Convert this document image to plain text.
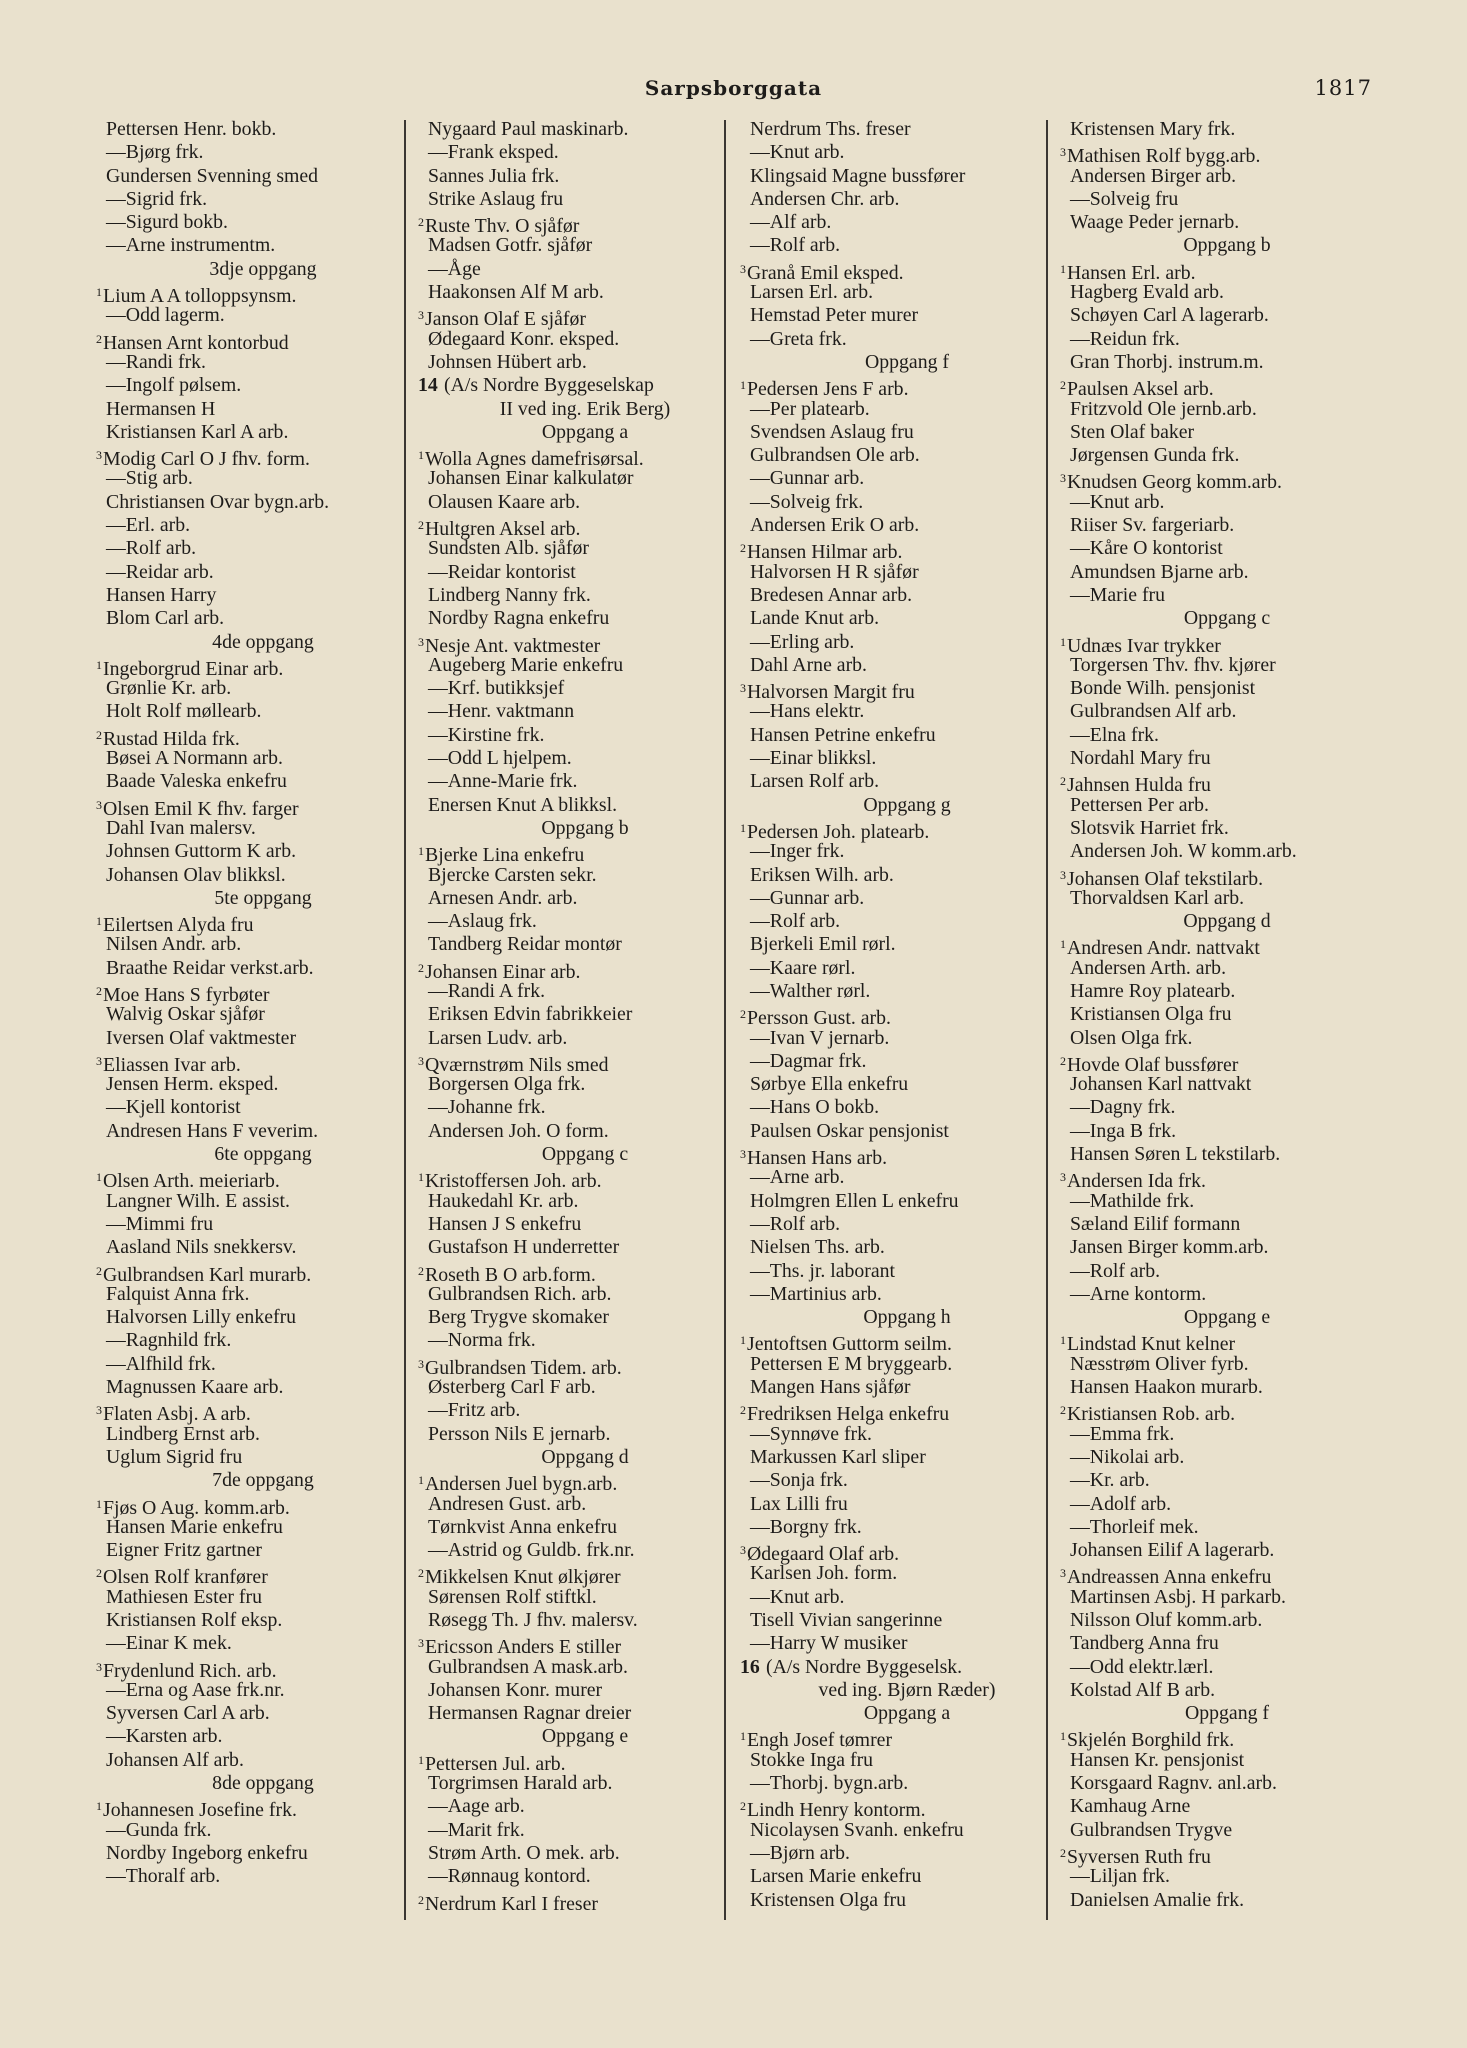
Sarpsborggata	1817
Pettersen Henr. bokb.
—Bjørg frk.
Gundersen Svenning smed
—Sigrid frk.
—Sigurd bokb.
—Arne instrumentm.
3dje oppgang
$^1$Lium A A tolloppsynsm.
—Odd lagerm.
$^2$Hansen Arnt kontorbud
—Randi frk.
—Ingolf pølsem.
Hermansen H
Kristiansen Karl A arb.
$^3$Modig Carl O J fhv. form.
—Stig arb.
Christiansen Ovar bygn.arb.
—Erl. arb.
—Rolf arb.
—Reidar arb.
Hansen Harry
Blom Carl arb.
4de oppgang
$^1$Ingeborgrud Einar arb.
Grønlie Kr. arb.
Holt Rolf møllearb.
$^2$Rustad Hilda frk.
Bøsei A Normann arb.
Baade Valeska enkefru
$^3$Olsen Emil K fhv. farger
Dahl Ivan malersv.
Johnsen Guttorm K arb.
Johansen Olav blikksl.
5te oppgang
$^1$Eilertsen Alyda fru
Nilsen Andr. arb.
Braathe Reidar verkst.arb.
$^2$Moe Hans S fyrbøter
Walvig Oskar sjåfør
Iversen Olaf vaktmester
$^3$Eliassen Ivar arb.
Jensen Herm. eksped.
—Kjell kontorist
Andresen Hans F veverim.
6te oppgang
$^1$Olsen Arth. meieriarb.
Langner Wilh. E assist.
—Mimmi fru
Aasland Nils snekkersv.
$^2$Gulbrandsen Karl murarb.
Falquist Anna frk.
Halvorsen Lilly enkefru
—Ragnhild frk.
—Alfhild frk.
Magnussen Kaare arb.
$^3$Flaten Asbj. A arb.
Lindberg Ernst arb.
Uglum Sigrid fru
7de oppgang
$^1$Fjøs O Aug. komm.arb.
Hansen Marie enkefru
Eigner Fritz gartner
$^2$Olsen Rolf kranfører
Mathiesen Ester fru
Kristiansen Rolf eksp.
—Einar K mek.
$^3$Frydenlund Rich. arb.
—Erna og Aase frk.nr.
Syversen Carl A arb.
—Karsten arb.
Johansen Alf arb.
8de oppgang
$^1$Johannesen Josefine frk.
—Gunda frk.
Nordby Ingeborg enkefru
—Thoralf arb.
Nygaard Paul maskinarb.
—Frank eksped.
Sannes Julia frk.
Strike Aslaug fru
$^2$Ruste Thv. O sjåfør
Madsen Gotfr. sjåfør
—Åge
Haakonsen Alf M arb.
$^3$Janson Olaf E sjåfør
Ødegaard Konr. eksped.
Johnsen Hübert arb.
14 (A/s Nordre Byggeselskap
II ved ing. Erik Berg)
Oppgang a
$^1$Wolla Agnes damefrisørsal.
Johansen Einar kalkulatør
Olausen Kaare arb.
$^2$Hultgren Aksel arb.
Sundsten Alb. sjåfør
—Reidar kontorist
Lindberg Nanny frk.
Nordby Ragna enkefru
$^3$Nesje Ant. vaktmester
Augeberg Marie enkefru
—Krf. butikksjef
—Henr. vaktmann
—Kirstine frk.
—Odd L hjelpem.
—Anne-Marie frk.
Enersen Knut A blikksl.
Oppgang b
$^1$Bjerke Lina enkefru
Bjercke Carsten sekr.
Arnesen Andr. arb.
—Aslaug frk.
Tandberg Reidar montør
$^2$Johansen Einar arb.
—Randi A frk.
Eriksen Edvin fabrikkeier
Larsen Ludv. arb.
$^3$Qværnstrøm Nils smed
Borgersen Olga frk.
—Johanne frk.
Andersen Joh. O form.
Oppgang c
$^1$Kristoffersen Joh. arb.
Haukedahl Kr. arb.
Hansen J S enkefru
Gustafson H underretter
$^2$Roseth B O arb.form.
Gulbrandsen Rich. arb.
Berg Trygve skomaker
—Norma frk.
$^3$Gulbrandsen Tidem. arb.
Østerberg Carl F arb.
—Fritz arb.
Persson Nils E jernarb.
Oppgang d
$^1$Andersen Juel bygn.arb.
Andresen Gust. arb.
Tørnkvist Anna enkefru
—Astrid og Guldb. frk.nr.
$^2$Mikkelsen Knut ølkjører
Sørensen Rolf stiftkl.
Røsegg Th. J fhv. malersv.
$^3$Ericsson Anders E stiller
Gulbrandsen A mask.arb.
Johansen Konr. murer
Hermansen Ragnar dreier
Oppgang e
$^1$Pettersen Jul. arb.
Torgrimsen Harald arb.
—Aage arb.
—Marit frk.
Strøm Arth. O mek. arb.
—Rønnaug kontord.
$^2$Nerdrum Karl I freser
Nerdrum Ths. freser
—Knut arb.
Klingsaid Magne bussfører
Andersen Chr. arb.
—Alf arb.
—Rolf arb.
$^3$Granå Emil eksped.
Larsen Erl. arb.
Hemstad Peter murer
—Greta frk.
Oppgang f
$^1$Pedersen Jens F arb.
—Per platearb.
Svendsen Aslaug fru
Gulbrandsen Ole arb.
—Gunnar arb.
—Solveig frk.
Andersen Erik O arb.
$^2$Hansen Hilmar arb.
Halvorsen H R sjåfør
Bredesen Annar arb.
Lande Knut arb.
—Erling arb.
Dahl Arne arb.
$^3$Halvorsen Margit fru
—Hans elektr.
Hansen Petrine enkefru
—Einar blikksl.
Larsen Rolf arb.
Oppgang g
$^1$Pedersen Joh. platearb.
—Inger frk.
Eriksen Wilh. arb.
—Gunnar arb.
—Rolf arb.
Bjerkeli Emil rørl.
—Kaare rørl.
—Walther rørl.
$^2$Persson Gust. arb.
—Ivan V jernarb.
—Dagmar frk.
Sørbye Ella enkefru
—Hans O bokb.
Paulsen Oskar pensjonist
$^3$Hansen Hans arb.
—Arne arb.
Holmgren Ellen L enkefru
—Rolf arb.
Nielsen Ths. arb.
—Ths. jr. laborant
—Martinius arb.
Oppgang h
$^1$Jentoftsen Guttorm seilm.
Pettersen E M bryggearb.
Mangen Hans sjåfør
$^2$Fredriksen Helga enkefru
—Synnøve frk.
Markussen Karl sliper
—Sonja frk.
Lax Lilli fru
—Borgny frk.
$^3$Ødegaard Olaf arb.
Karlsen Joh. form.
—Knut arb.
Tisell Vivian sangerinne
—Harry W musiker
16 (A/s Nordre Byggeselsk.
ved ing. Bjørn Ræder)
Oppgang a
$^1$Engh Josef tømrer
Stokke Inga fru
—Thorbj. bygn.arb.
$^2$Lindh Henry kontorm.
Nicolaysen Svanh. enkefru
—Bjørn arb.
Larsen Marie enkefru
Kristensen Olga fru
Kristensen Mary frk.
$^3$Mathisen Rolf bygg.arb.
Andersen Birger arb.
—Solveig fru
Waage Peder jernarb.
Oppgang b
$^1$Hansen Erl. arb.
Hagberg Evald arb.
Schøyen Carl A lagerarb.
—Reidun frk.
Gran Thorbj. instrum.m.
$^2$Paulsen Aksel arb.
Fritzvold Ole jernb.arb.
Sten Olaf baker
Jørgensen Gunda frk.
$^3$Knudsen Georg komm.arb.
—Knut arb.
Riiser Sv. fargeriarb.
—Kåre O kontorist
Amundsen Bjarne arb.
—Marie fru
Oppgang c
$^1$Udnæs Ivar trykker
Torgersen Thv. fhv. kjører
Bonde Wilh. pensjonist
Gulbrandsen Alf arb.
—Elna frk.
Nordahl Mary fru
$^2$Jahnsen Hulda fru
Pettersen Per arb.
Slotsvik Harriet frk.
Andersen Joh. W komm.arb.
$^3$Johansen Olaf tekstilarb.
Thorvaldsen Karl arb.
Oppgang d
$^1$Andresen Andr. nattvakt
Andersen Arth. arb.
Hamre Roy platearb.
Kristiansen Olga fru
Olsen Olga frk.
$^2$Hovde Olaf bussfører
Johansen Karl nattvakt
—Dagny frk.
—Inga B frk.
Hansen Søren L tekstilarb.
$^3$Andersen Ida frk.
—Mathilde frk.
Sæland Eilif formann
Jansen Birger komm.arb.
—Rolf arb.
—Arne kontorm.
Oppgang e
$^1$Lindstad Knut kelner
Næsstrøm Oliver fyrb.
Hansen Haakon murarb.
$^2$Kristiansen Rob. arb.
—Emma frk.
—Nikolai arb.
—Kr. arb.
—Adolf arb.
—Thorleif mek.
Johansen Eilif A lagerarb.
$^3$Andreassen Anna enkefru
Martinsen Asbj. H parkarb.
Nilsson Oluf komm.arb.
Tandberg Anna fru
—Odd elektr.lærl.
Kolstad Alf B arb.
Oppgang f
$^1$Skjelén Borghild frk.
Hansen Kr. pensjonist
Korsgaard Ragnv. anl.arb.
Kamhaug Arne
Gulbrandsen Trygve
$^2$Syversen Ruth fru
—Liljan frk.
Danielsen Amalie frk.
